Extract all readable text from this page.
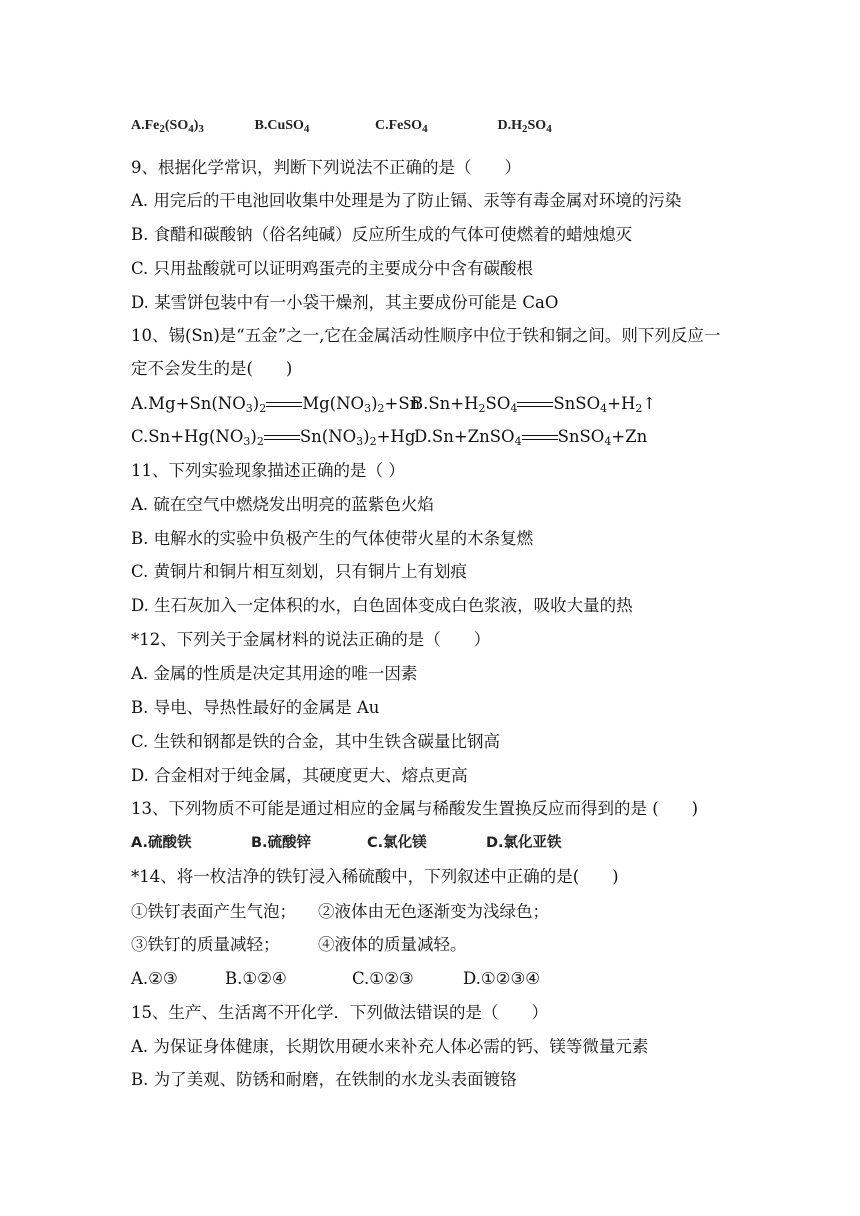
$A.Fe_2(SO_4)_3$	B.CuSO$_4$	C.FeSO$_4$	$D.H_2SO_4$
9、根据化学常识，判断下列说法不正确的是（　　）
A. 用完后的干电池回收集中处理是为了防止镉、汞等有毒金属对环境的污染
B. 食醋和碳酸钠（俗名纯碱）反应所生成的气体可使燃着的蜡烛熄灭
C. 只用盐酸就可以证明鸡蛋壳的主要成分中含有碳酸根
D. 某雪饼包装中有一小袋干燥剂，其主要成份可能是 CaO
10、锡(Sn)是“五金”之一,它在金属活动性顺序中位于铁和铜之间。则下列反应一
定不会发生的是(　　)
$A.Mg+Sn(NO_3)_2$ $Mg(NO_3)_2+SnB.Sn+H_2SO_4$ $SnSO_4+H_2↑$
$C.Sn+Hg(NO_3)_2$ $Sn(NO_3)_2+HgD.Sn+ZnSO_4$ SnSO$_4$+Zn
11、下列实验现象描述正确的是（ ）
A. 硫在空气中燃烧发出明亮的蓝紫色火焰
B. 电解水的实验中负极产生的气体使带火星的木条复燃
C. 黄铜片和铜片相互刻划，只有铜片上有划痕
D. 生石灰加入一定体积的水，白色固体变成白色浆液，吸收大量的热
*12、下列关于金属材料的说法正确的是（　　）
A. 金属的性质是决定其用途的唯一因素
B. 导电、导热性最好的金属是 Au
C. 生铁和钢都是铁的合金，其中生铁含碳量比钢高
D. 合金相对于纯金属，其硬度更大、熔点更高
13、下列物质不可能是通过相应的金属与稀酸发生置换反应而得到的是 (　　)
A.硫酸铁	B.硫酸锌	C.氯化镁	D.氯化亚铁
*14、将一枚洁净的铁钉浸入稀硫酸中，下列叙述中正确的是(　　)
①铁钉表面产生气泡； ②液体由无色逐渐变为浅绿色；
③铁钉的质量减轻； ④液体的质量减轻。
A.②③	B.①②④	C.①②③	D.①②③④
15、生产、生活离不开化学．下列做法错误的是（　　）
A. 为保证身体健康，长期饮用硬水来补充人体必需的钙、镁等微量元素
B. 为了美观、防锈和耐磨，在铁制的水龙头表面镀铬
